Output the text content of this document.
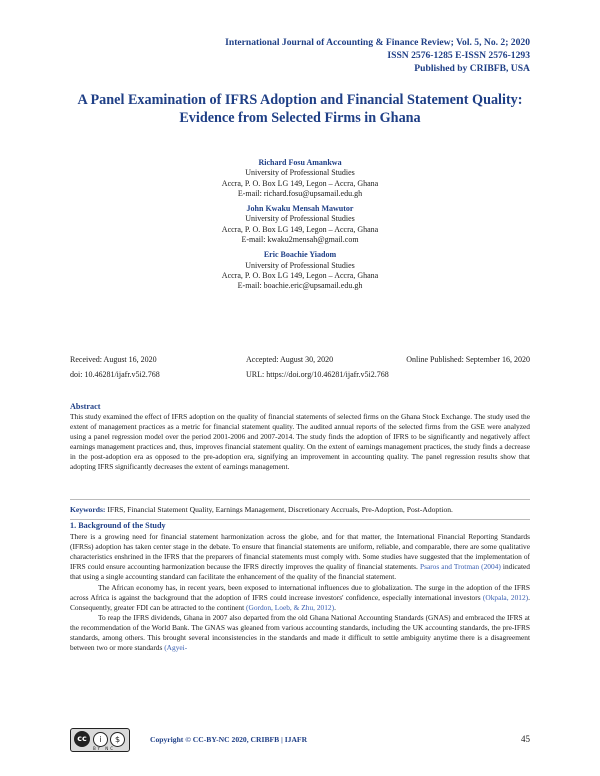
International Journal of Accounting & Finance Review; Vol. 5, No. 2; 2020
ISSN 2576-1285 E-ISSN 2576-1293
Published by CRIBFB, USA
A Panel Examination of IFRS Adoption and Financial Statement Quality:
Evidence from Selected Firms in Ghana
Richard Fosu Amankwa
University of Professional Studies
Accra, P. O. Box LG 149, Legon – Accra, Ghana
E-mail: richard.fosu@upsamail.edu.gh
John Kwaku Mensah Mawutor
University of Professional Studies
Accra, P. O. Box LG 149, Legon – Accra, Ghana
E-mail: kwaku2mensah@gmail.com
Eric Boachie Yiadom
University of Professional Studies
Accra, P. O. Box LG 149, Legon – Accra, Ghana
E-mail: boachie.eric@upsamail.edu.gh
Received: August 16, 2020	Accepted: August 30, 2020	Online Published: September 16, 2020
doi: 10.46281/ijafr.v5i2.768	URL: https://doi.org/10.46281/ijafr.v5i2.768
Abstract
This study examined the effect of IFRS adoption on the quality of financial statements of selected firms on the Ghana Stock Exchange. The study used the extent of management practices as a metric for financial statement quality. The audited annual reports of the selected firms from the GSE were analyzed using a panel regression model over the period 2001-2006 and 2007-2014. The study finds the adoption of IFRS to be significantly and negatively affect earnings management practices and, thus, improves financial statement quality. On the extent of earnings management practices, the study finds a decrease in the post-adoption era as opposed to the pre-adoption era, signifying an improvement in accounting quality. The panel regression results show that adopting IFRS significantly decreases the extent of earnings management.
Keywords: IFRS, Financial Statement Quality, Earnings Management, Discretionary Accruals, Pre-Adoption, Post-Adoption.
1. Background of the Study

There is a growing need for financial statement harmonization across the globe, and for that matter, the International Financial Reporting Standards (IFRSs) adoption has taken center stage in the debate. To ensure that financial statements are uniform, reliable, and comparable, there are some qualitative characteristics enshrined in the IFRS that the preparers of financial statements must comply with. Some studies have suggested that the implementation of IFRS could ensure accounting harmonization because the IFRS directly improves the quality of financial statements. Psaros and Trotman (2004) indicated that using a single accounting standard can facilitate the enhancement of the quality of the financial statement.

The African economy has, in recent years, been exposed to international influences due to globalization. The surge in the adoption of the IFRS across Africa is against the background that the adoption of IFRS could increase investors' confidence, especially international investors (Okpala, 2012). Consequently, greater FDI can be attracted to the continent (Gordon, Loeb, & Zhu, 2012).

To reap the IFRS dividends, Ghana in 2007 also departed from the old Ghana National Accounting Standards (GNAS) and embraced the IFRS at the recommendation of the World Bank. The GNAS was gleaned from various accounting standards, including the UK accounting standards, the pre-IFRS standards, among others. This brought several inconsistencies in the standards and made it difficult to settle ambiguity anytime there is a disagreement between two or more standards (Agyei-

cc	i	$
BY NC
Copyright © CC-BY-NC 2020, CRIBFB | IJAFR	45
